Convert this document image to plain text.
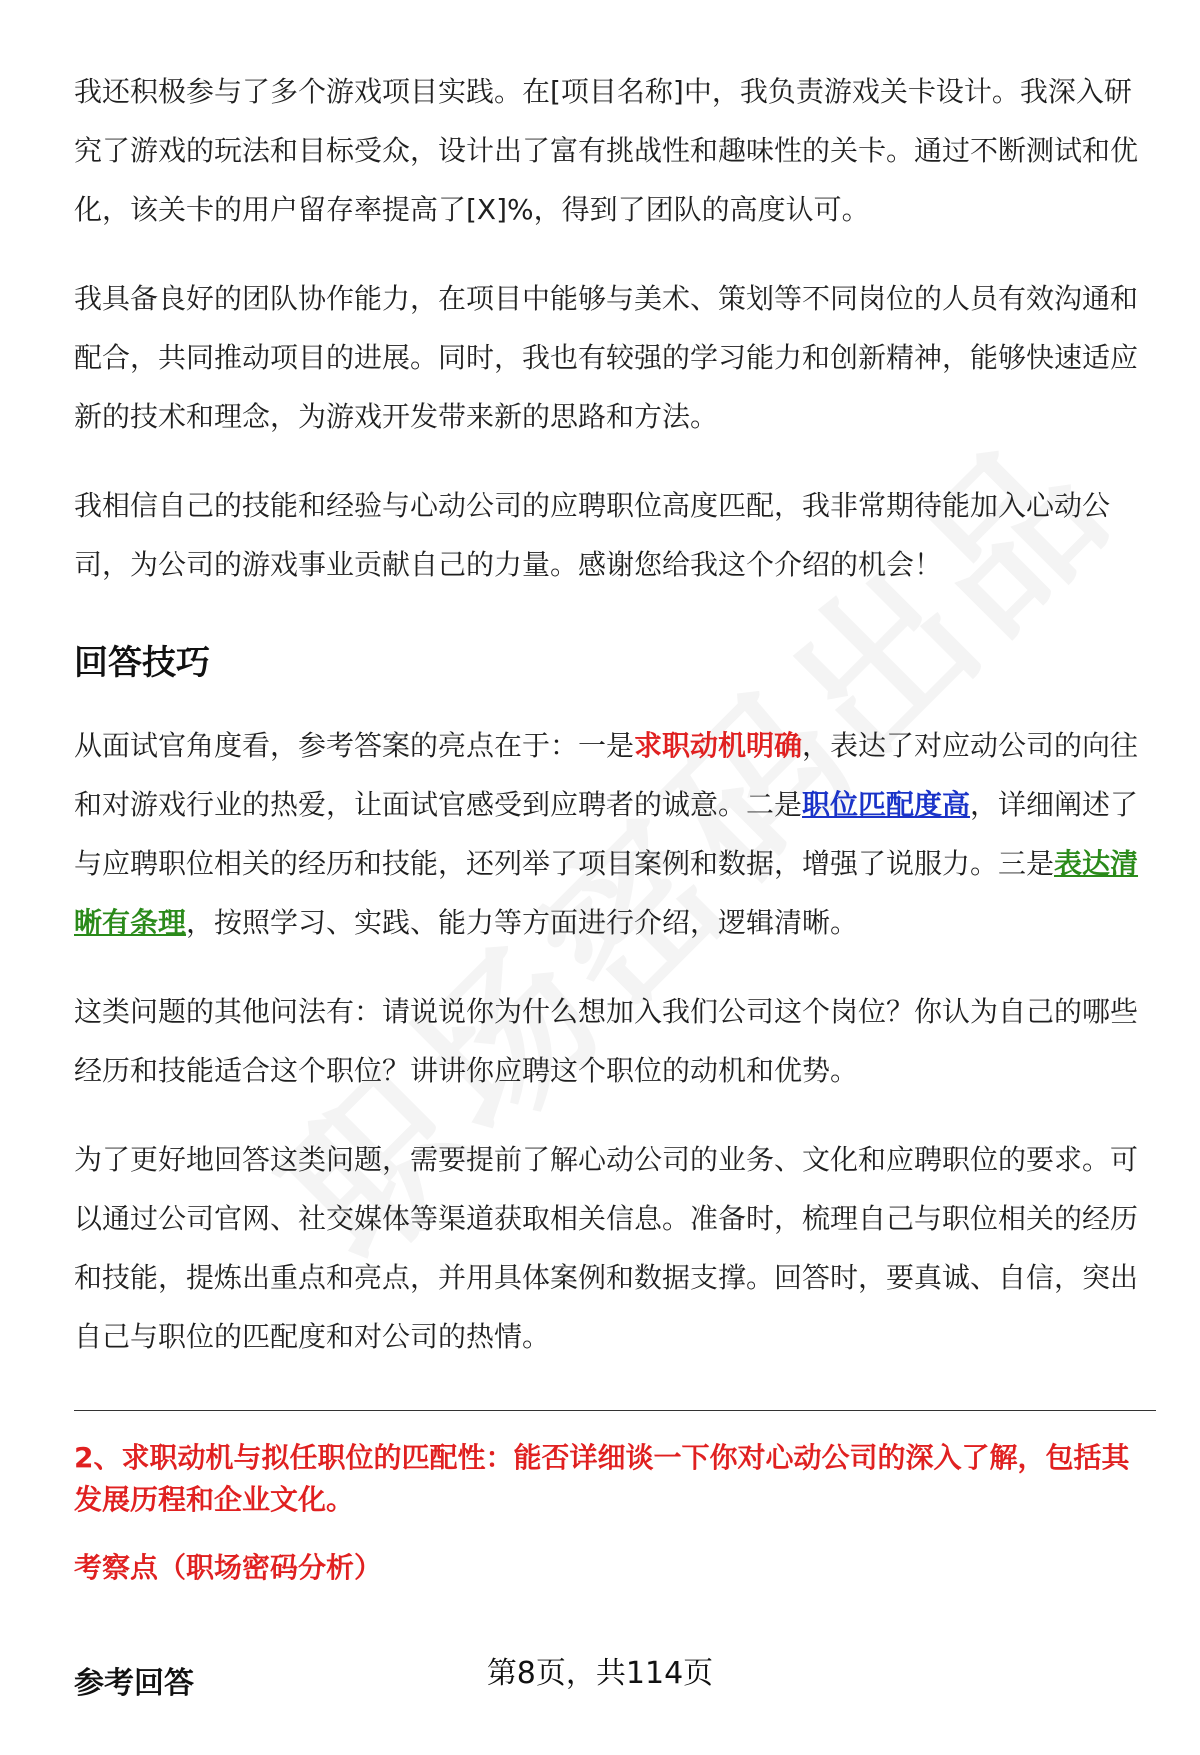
我还积极参与了多个游戏项目实践。在[项目名称]中，我负责游戏关卡设计。我深入研究了游戏的玩法和目标受众，设计出了富有挑战性和趣味性的关卡。通过不断测试和优化，该关卡的用户留存率提高了[X]%，得到了团队的高度认可。

我具备良好的团队协作能力，在项目中能够与美术、策划等不同岗位的人员有效沟通和配合，共同推动项目的进展。同时，我也有较强的学习能力和创新精神，能够快速适应新的技术和理念，为游戏开发带来新的思路和方法。

我相信自己的技能和经验与心动公司的应聘职位高度匹配，我非常期待能加入心动公司，为公司的游戏事业贡献自己的力量。感谢您给我这个介绍的机会！

回答技巧

从面试官角度看，参考答案的亮点在于：一是求职动机明确，表达了对应动公司的向往和对游戏行业的热爱，让面试官感受到应聘者的诚意。二是职位匹配度高，详细阐述了与应聘职位相关的经历和技能，还列举了项目案例和数据，增强了说服力。三是表达清晰有条理，按照学习、实践、能力等方面进行介绍，逻辑清晰。

这类问题的其他问法有：请说说你为什么想加入我们公司这个岗位？你认为自己的哪些经历和技能适合这个职位？讲讲你应聘这个职位的动机和优势。

为了更好地回答这类问题，需要提前了解心动公司的业务、文化和应聘职位的要求。可以通过公司官网、社交媒体等渠道获取相关信息。准备时，梳理自己与职位相关的经历和技能，提炼出重点和亮点，并用具体案例和数据支撑。回答时，要真诚、自信，突出自己与职位的匹配度和对公司的热情。

2、求职动机与拟任职位的匹配性：能否详细谈一下你对心动公司的深入了解，包括其发展历程和企业文化。

考察点（职场密码分析）

参考回答	第8页，共114页
